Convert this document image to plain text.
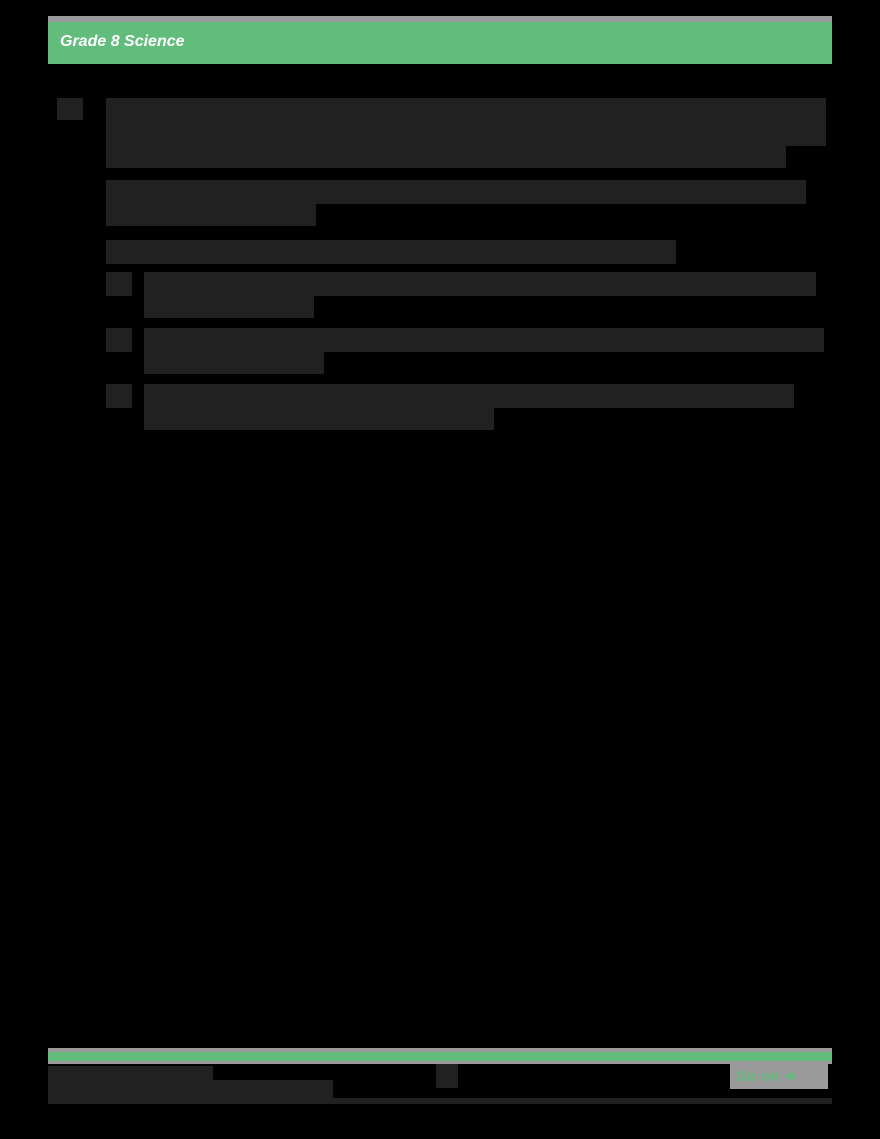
Grade 8 Science
Go on ➔
